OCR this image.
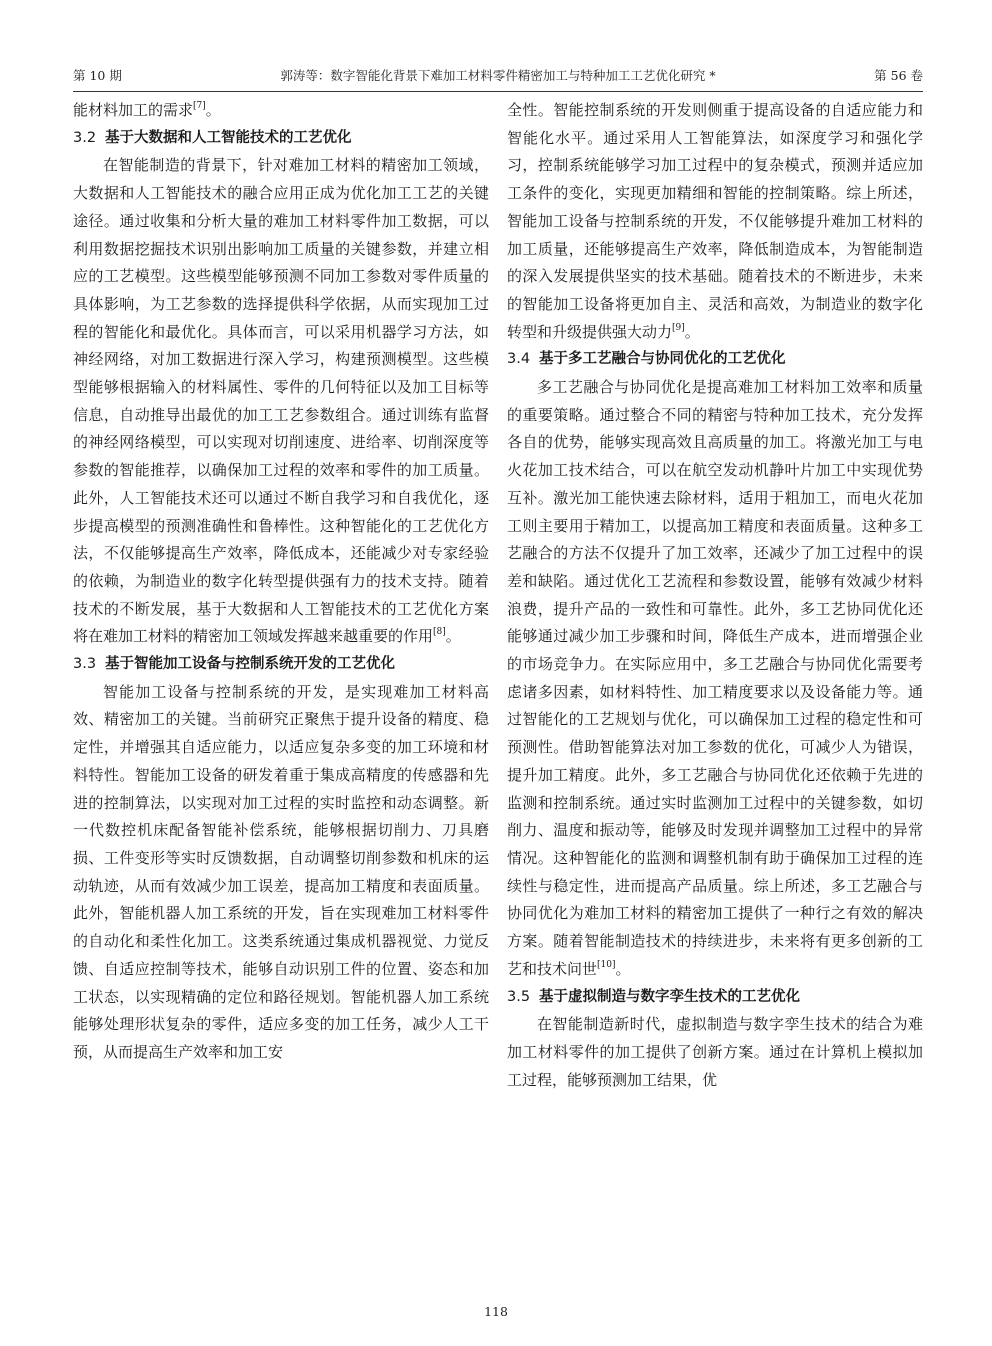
第 10 期	郭涛等：数字智能化背景下难加工材料零件精密加工与特种加工工艺优化研究 *	第 56 卷

能材料加工的需求[7]。

3.2 基于大数据和人工智能技术的工艺优化

在智能制造的背景下，针对难加工材料的精密加工领域，大数据和人工智能技术的融合应用正成为优化加工工艺的关键途径。通过收集和分析大量的难加工材料零件加工数据，可以利用数据挖掘技术识别出影响加工质量的关键参数，并建立相应的工艺模型。这些模型能够预测不同加工参数对零件质量的具体影响，为工艺参数的选择提供科学依据，从而实现加工过程的智能化和最优化。具体而言，可以采用机器学习方法，如神经网络，对加工数据进行深入学习，构建预测模型。这些模型能够根据输入的材料属性、零件的几何特征以及加工目标等信息，自动推导出最优的加工工艺参数组合。通过训练有监督的神经网络模型，可以实现对切削速度、进给率、切削深度等参数的智能推荐，以确保加工过程的效率和零件的加工质量。此外，人工智能技术还可以通过不断自我学习和自我优化，逐步提高模型的预测准确性和鲁棒性。这种智能化的工艺优化方法，不仅能够提高生产效率，降低成本，还能减少对专家经验的依赖，为制造业的数字化转型提供强有力的技术支持。随着技术的不断发展，基于大数据和人工智能技术的工艺优化方案将在难加工材料的精密加工领域发挥越来越重要的作用[8]。

3.3 基于智能加工设备与控制系统开发的工艺优化

智能加工设备与控制系统的开发，是实现难加工材料高效、精密加工的关键。当前研究正聚焦于提升设备的精度、稳定性，并增强其自适应能力，以适应复杂多变的加工环境和材料特性。智能加工设备的研发着重于集成高精度的传感器和先进的控制算法，以实现对加工过程的实时监控和动态调整。新一代数控机床配备智能补偿系统，能够根据切削力、刀具磨损、工件变形等实时反馈数据，自动调整切削参数和机床的运动轨迹，从而有效减少加工误差，提高加工精度和表面质量。此外，智能机器人加工系统的开发，旨在实现难加工材料零件的自动化和柔性化加工。这类系统通过集成机器视觉、力觉反馈、自适应控制等技术，能够自动识别工件的位置、姿态和加工状态，以实现精确的定位和路径规划。智能机器人加工系统能够处理形状复杂的零件，适应多变的加工任务，减少人工干预，从而提高生产效率和加工安

全性。智能控制系统的开发则侧重于提高设备的自适应能力和智能化水平。通过采用人工智能算法，如深度学习和强化学习，控制系统能够学习加工过程中的复杂模式，预测并适应加工条件的变化，实现更加精细和智能的控制策略。综上所述，智能加工设备与控制系统的开发，不仅能够提升难加工材料的加工质量，还能够提高生产效率，降低制造成本，为智能制造的深入发展提供坚实的技术基础。随着技术的不断进步，未来的智能加工设备将更加自主、灵活和高效，为制造业的数字化转型和升级提供强大动力[9]。

3.4 基于多工艺融合与协同优化的工艺优化

多工艺融合与协同优化是提高难加工材料加工效率和质量的重要策略。通过整合不同的精密与特种加工技术，充分发挥各自的优势，能够实现高效且高质量的加工。将激光加工与电火花加工技术结合，可以在航空发动机静叶片加工中实现优势互补。激光加工能快速去除材料，适用于粗加工，而电火花加工则主要用于精加工，以提高加工精度和表面质量。这种多工艺融合的方法不仅提升了加工效率，还减少了加工过程中的误差和缺陷。通过优化工艺流程和参数设置，能够有效减少材料浪费，提升产品的一致性和可靠性。此外，多工艺协同优化还能够通过减少加工步骤和时间，降低生产成本，进而增强企业的市场竞争力。在实际应用中，多工艺融合与协同优化需要考虑诸多因素，如材料特性、加工精度要求以及设备能力等。通过智能化的工艺规划与优化，可以确保加工过程的稳定性和可预测性。借助智能算法对加工参数的优化，可减少人为错误，提升加工精度。此外，多工艺融合与协同优化还依赖于先进的监测和控制系统。通过实时监测加工过程中的关键参数，如切削力、温度和振动等，能够及时发现并调整加工过程中的异常情况。这种智能化的监测和调整机制有助于确保加工过程的连续性与稳定性，进而提高产品质量。综上所述，多工艺融合与协同优化为难加工材料的精密加工提供了一种行之有效的解决方案。随着智能制造技术的持续进步，未来将有更多创新的工艺和技术问世[10]。

3.5 基于虚拟制造与数字孪生技术的工艺优化

在智能制造新时代，虚拟制造与数字孪生技术的结合为难加工材料零件的加工提供了创新方案。通过在计算机上模拟加工过程，能够预测加工结果，优

118
